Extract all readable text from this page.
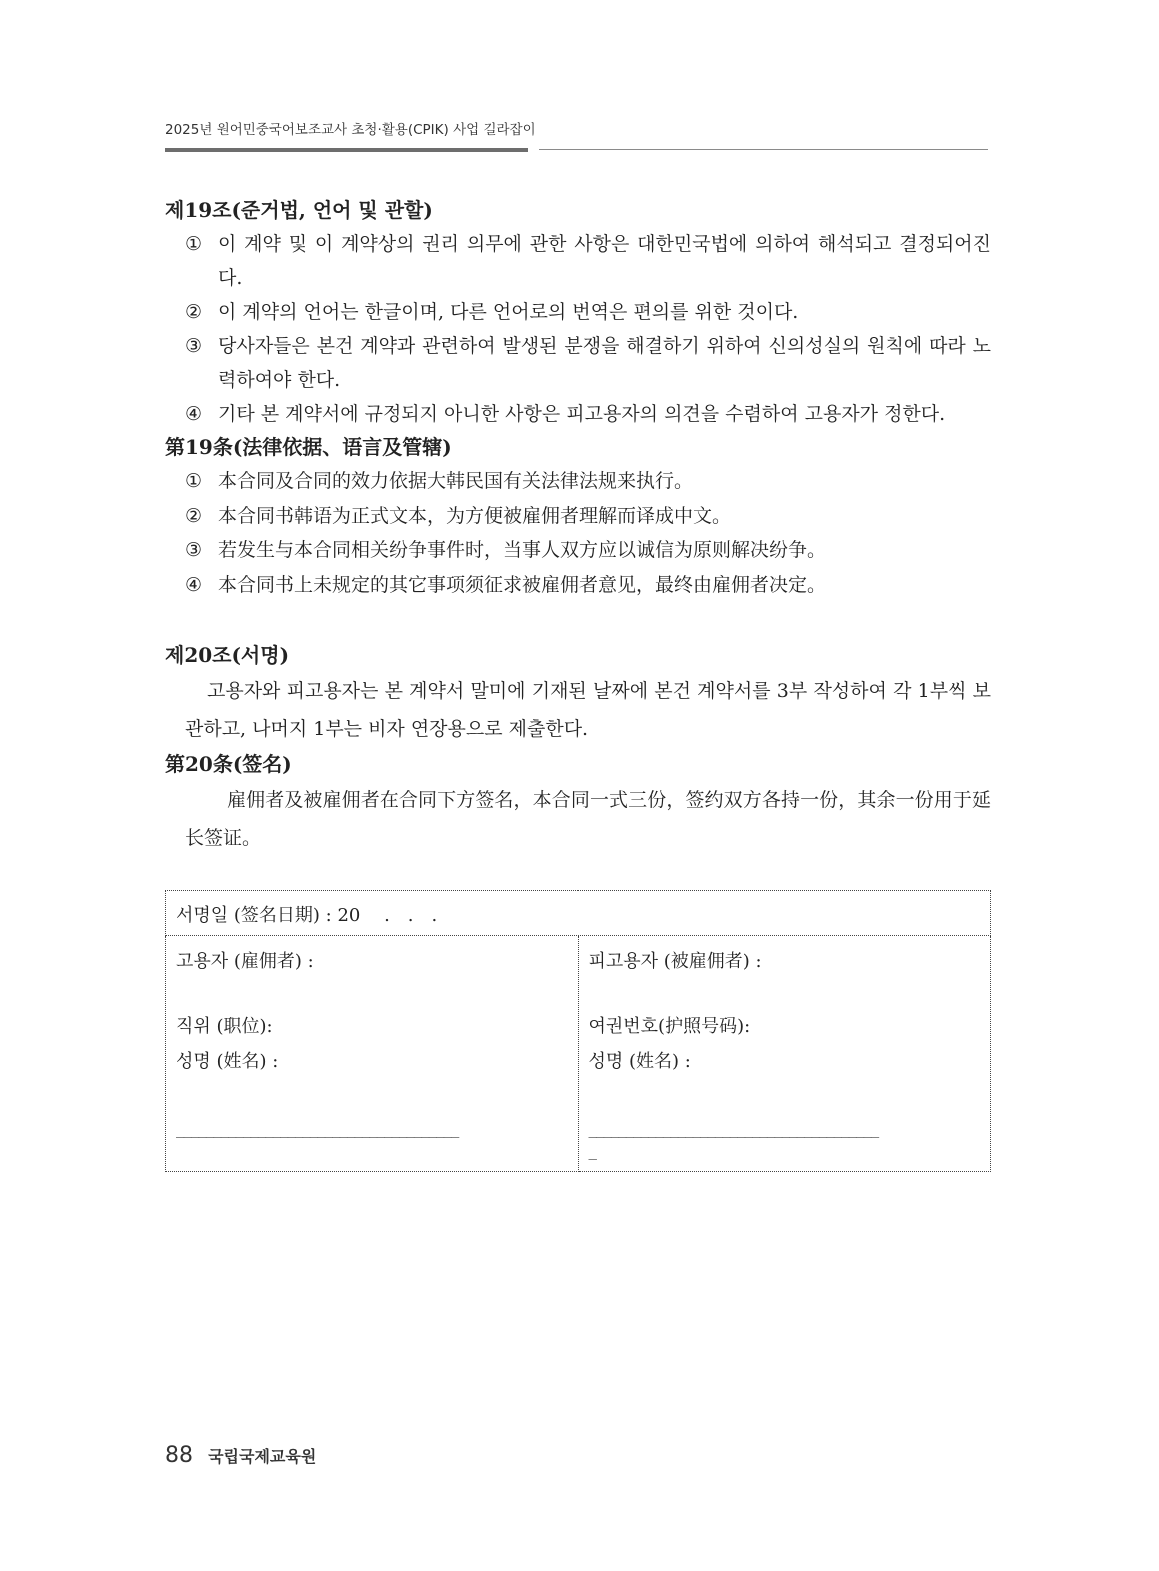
2025년 원어민중국어보조교사 초청·활용(CPIK) 사업 길라잡이
제19조(준거법, 언어 및 관할)
① 이 계약 및 이 계약상의 권리 의무에 관한 사항은 대한민국법에 의하여 해석되고 결정되어진다.
② 이 계약의 언어는 한글이며, 다른 언어로의 번역은 편의를 위한 것이다.
③ 당사자들은 본건 계약과 관련하여 발생된 분쟁을 해결하기 위하여 신의성실의 원칙에 따라 노력하여야 한다.
④ 기타 본 계약서에 규정되지 아니한 사항은 피고용자의 의견을 수렴하여 고용자가 정한다.
第19条(法律依据、语言及管辖)
① 本合同及合同的效力依据大韩民国有关法律法规来执行。
② 本合同书韩语为正式文本，为方便被雇佣者理解而译成中文。
③ 若发生与本合同相关纷争事件时，当事人双方应以诚信为原则解决纷争。
④ 本合同书上未规定的其它事项须征求被雇佣者意见，最终由雇佣者决定。
제20조(서명)

고용자와 피고용자는 본 계약서 말미에 기재된 날짜에 본건 계약서를 3부 작성하여 각 1부씩 보관하고, 나머지 1부는 비자 연장용으로 제출한다.

第20条(签名)

雇佣者及被雇佣者在合同下方签名，本合同一式三份，签约双方各持一份，其余一份用于延长签证。

서명일 (签名日期) : 20　 .　.　.

고용자 (雇佣者) :
직위 (职位):
성명 (姓名) :
______________________________________

피고용자 (被雇佣者) :
여권번호(护照号码):
성명 (姓名) :
_______________________________________
_
88 국립국제교육원
